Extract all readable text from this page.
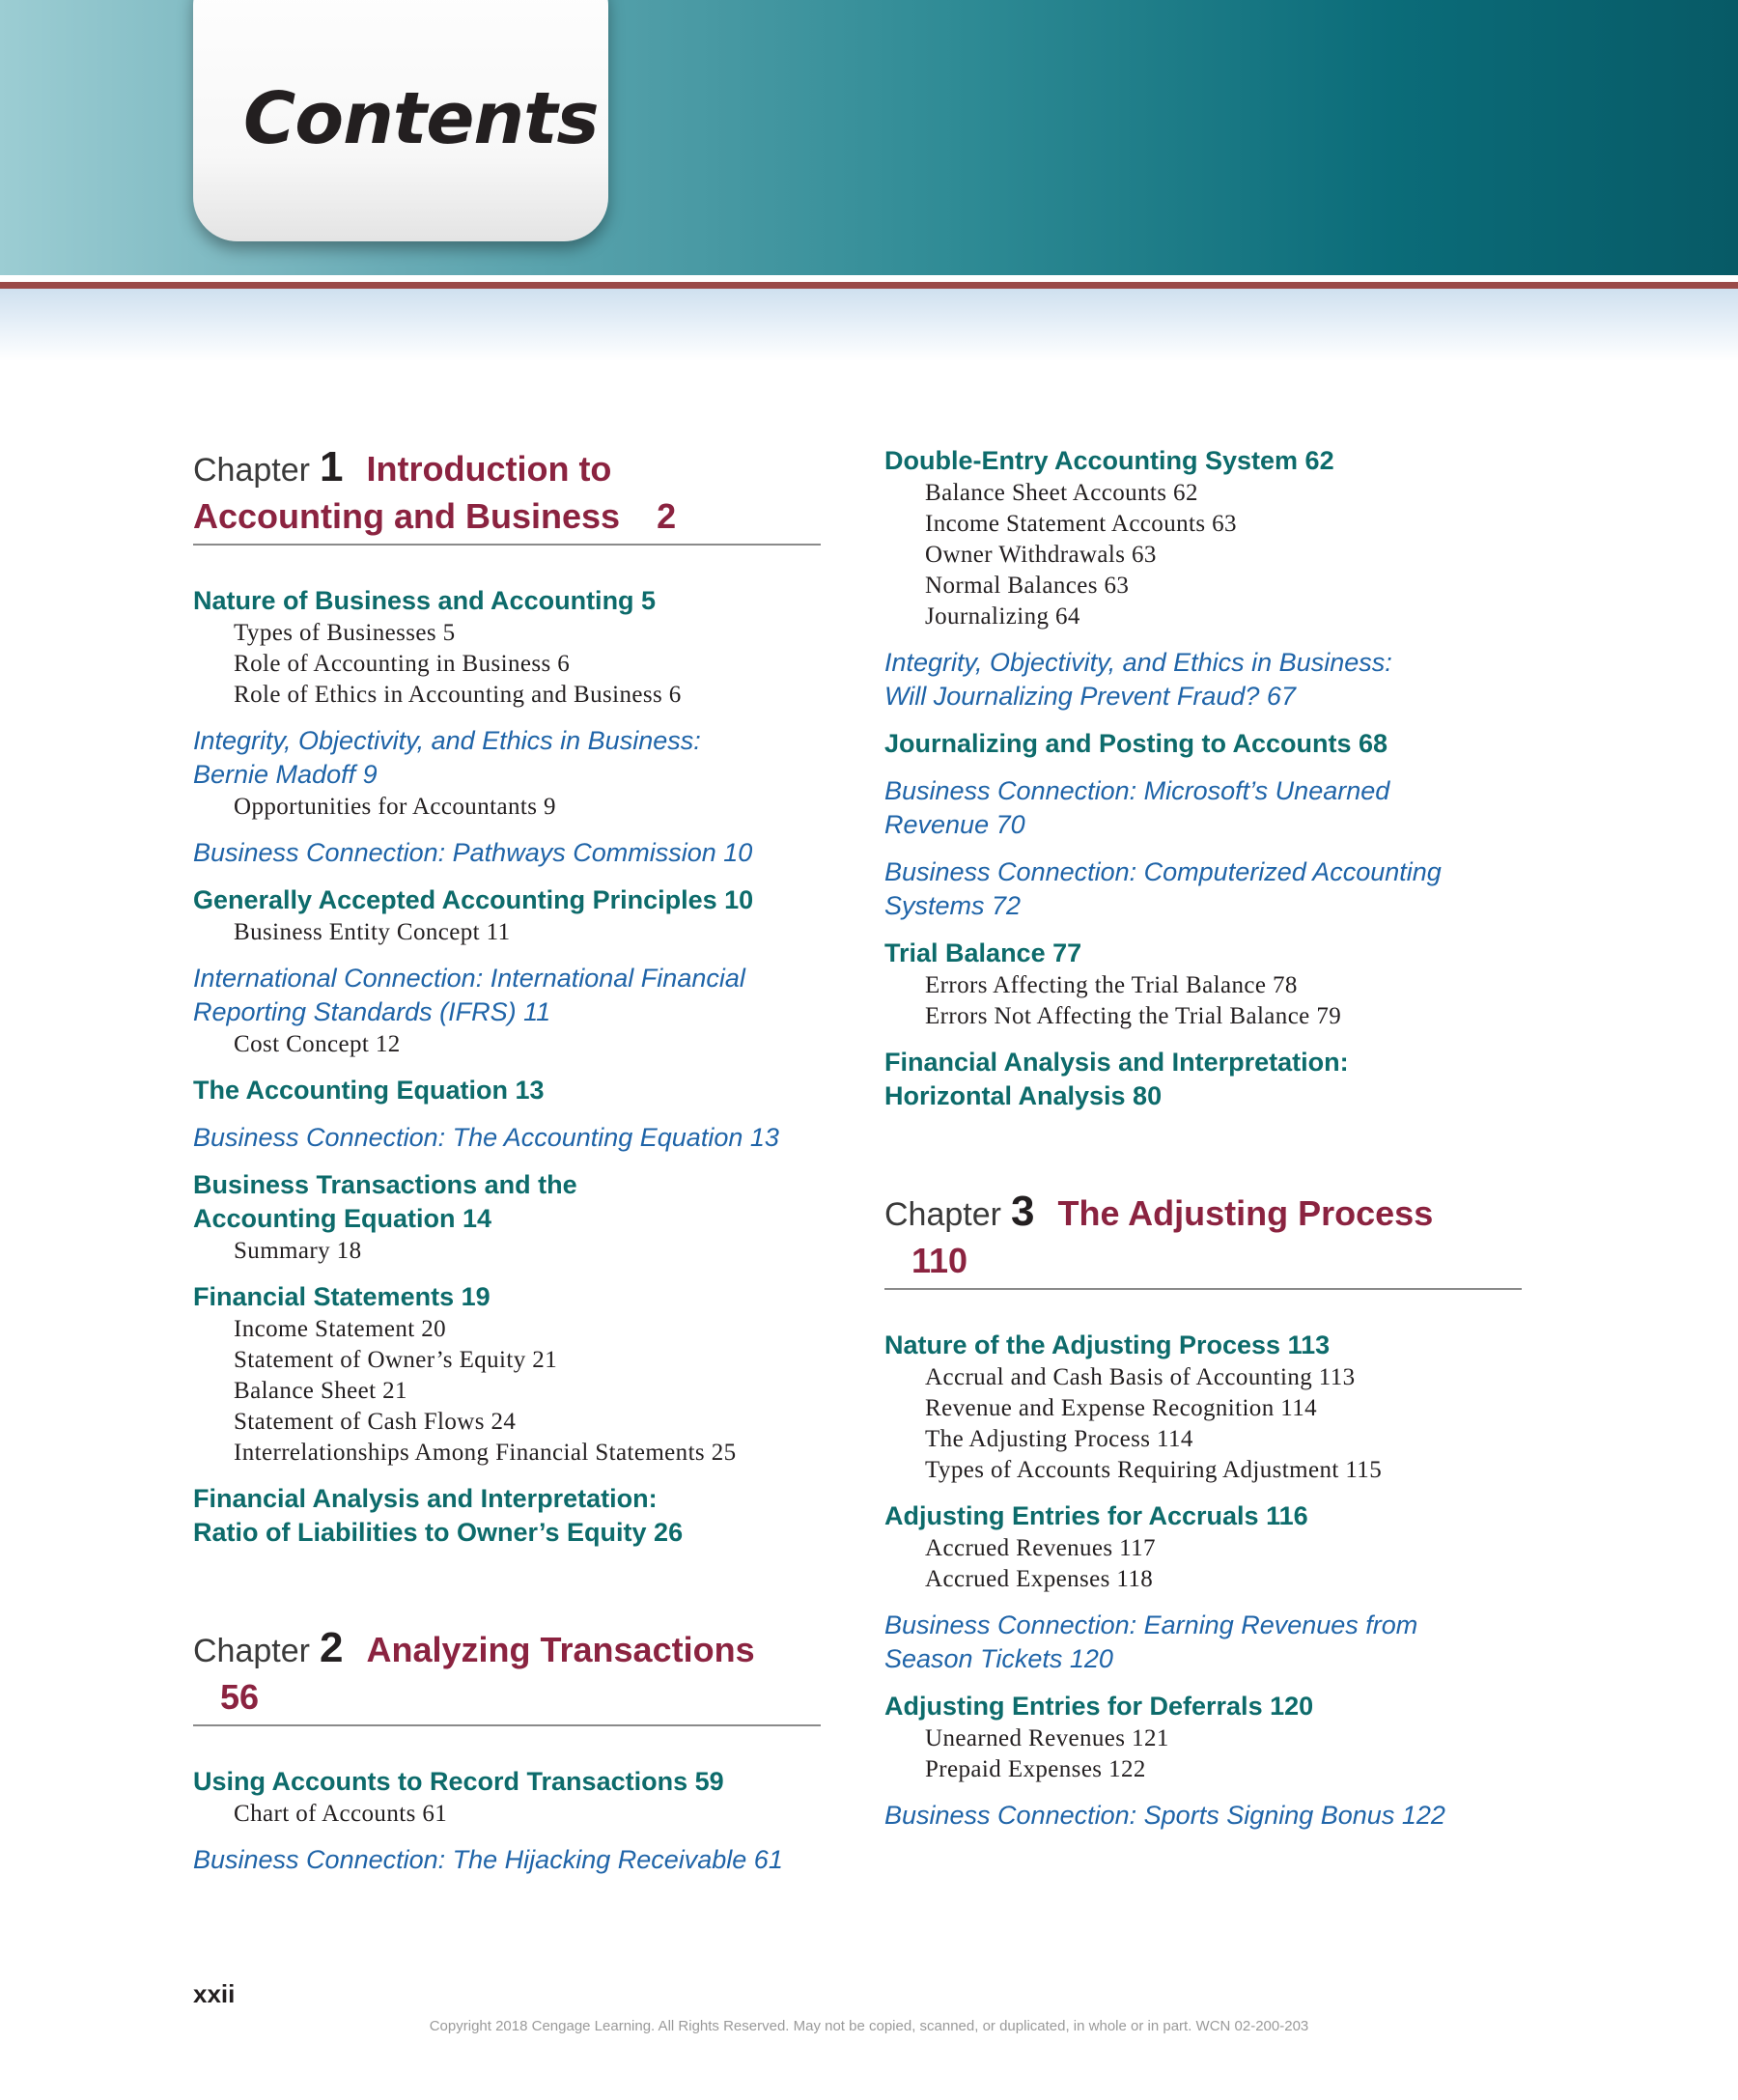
Contents
Chapter 1 Introduction to
Accounting and Business 2

Nature of Business and Accounting 5

Types of Businesses 5
Role of Accounting in Business 6
Role of Ethics in Accounting and Business 6

Integrity, Objectivity, and Ethics in Business:
Bernie Madoff 9

Opportunities for Accountants 9

Business Connection: Pathways Commission 10

Generally Accepted Accounting Principles 10

Business Entity Concept 11

International Connection: International Financial
Reporting Standards (IFRS) 11

Cost Concept 12

The Accounting Equation 13

Business Connection: The Accounting Equation 13

Business Transactions and the
Accounting Equation 14

Summary 18

Financial Statements 19

Income Statement 20
Statement of Owner’s Equity 21
Balance Sheet 21
Statement of Cash Flows 24
Interrelationships Among Financial Statements 25

Financial Analysis and Interpretation:
Ratio of Liabilities to Owner’s Equity 26

Chapter 2 Analyzing Transactions 56

Using Accounts to Record Transactions 59

Chart of Accounts 61

Business Connection: The Hijacking Receivable 61

Double-Entry Accounting System 62

Balance Sheet Accounts 62
Income Statement Accounts 63
Owner Withdrawals 63
Normal Balances 63
Journalizing 64

Integrity, Objectivity, and Ethics in Business:
Will Journalizing Prevent Fraud? 67

Journalizing and Posting to Accounts 68

Business Connection: Microsoft’s Unearned
Revenue 70

Business Connection: Computerized Accounting
Systems 72

Trial Balance 77

Errors Affecting the Trial Balance 78
Errors Not Affecting the Trial Balance 79

Financial Analysis and Interpretation:
Horizontal Analysis 80

Chapter 3 The Adjusting Process 110

Nature of the Adjusting Process 113

Accrual and Cash Basis of Accounting 113
Revenue and Expense Recognition 114
The Adjusting Process 114
Types of Accounts Requiring Adjustment 115

Adjusting Entries for Accruals 116

Accrued Revenues 117
Accrued Expenses 118

Business Connection: Earning Revenues from
Season Tickets 120

Adjusting Entries for Deferrals 120

Unearned Revenues 121
Prepaid Expenses 122

Business Connection: Sports Signing Bonus 122

xxii

Copyright 2018 Cengage Learning. All Rights Reserved. May not be copied, scanned, or duplicated, in whole or in part. WCN 02-200-203
